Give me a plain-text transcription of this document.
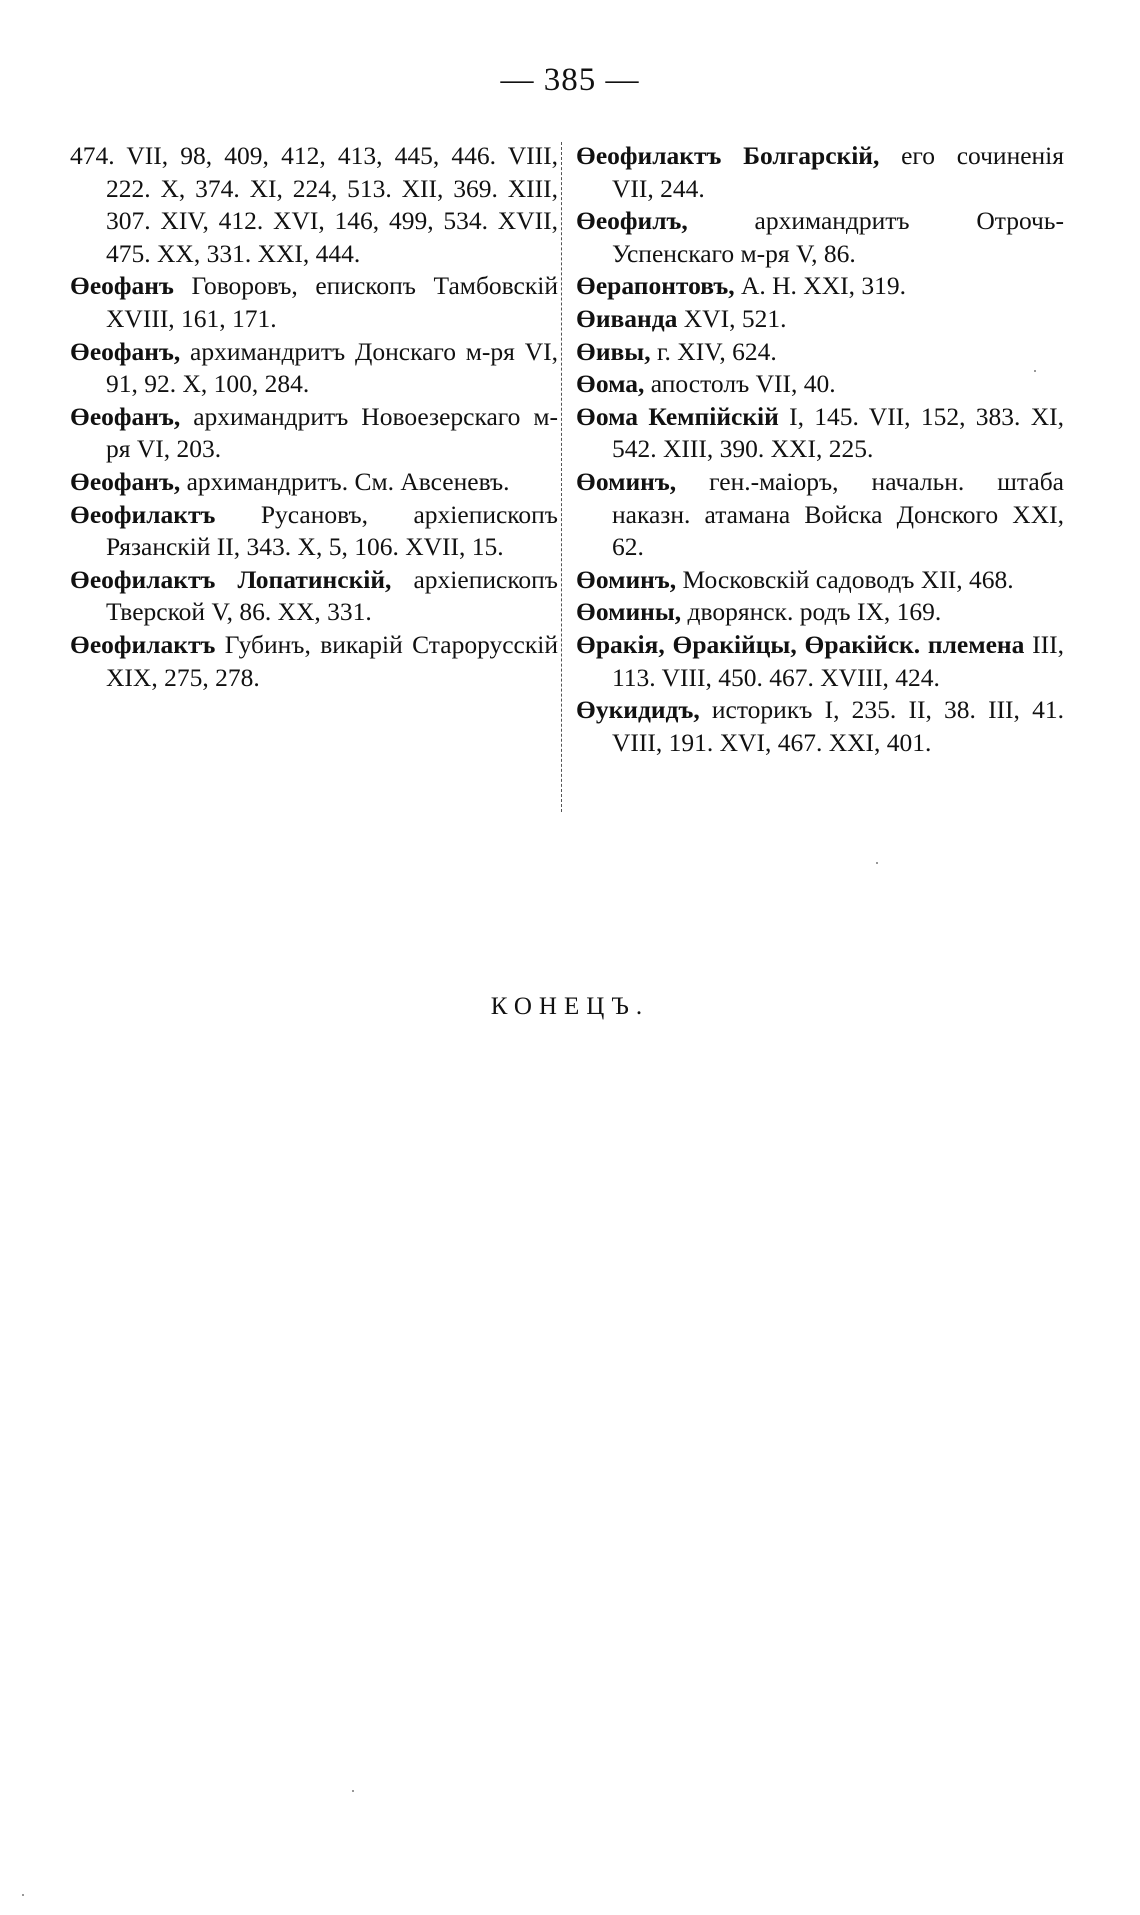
— 385 —
474. VII, 98, 409, 412, 413, 445, 446. VIII, 222. X, 374. XI, 224, 513. XII, 369. XIII, 307. XIV, 412. XVI, 146, 499, 534. XVII, 475. XX, 331. XXI, 444.
Өеофанъ Говоровъ, епископъ Тамбовскій XVIII, 161, 171.
Өеофанъ, архимандритъ Донскаго м-ря VI, 91, 92. X, 100, 284.
Өеофанъ, архимандритъ Новоезерскаго м-ря VI, 203.
Өеофанъ, архимандритъ. См. Авсеневъ.
Өеофилактъ Русановъ, архіепископъ Рязанскій II, 343. X, 5, 106. XVII, 15.
Өеофилактъ Лопатинскій, архіепископъ Тверской V, 86. XX, 331.
Өеофилактъ Губинъ, викарій Старорусскій XIX, 275, 278.
Өеофилактъ Болгарскій, его сочиненія VII, 244.
Өеофилъ, архимандритъ Отрочь-Успенскаго м-ря V, 86.
Өерапонтовъ, А. Н. XXI, 319.
Өиванда XVI, 521.
Өивы, г. XIV, 624.
Өома, апостолъ VII, 40.
Өома Кемпійскій I, 145. VII, 152, 383. XI, 542. XIII, 390. XXI, 225.
Өоминъ, ген.-маіоръ, начальн. штаба наказн. атамана Войска Донского XXI, 62.
Өоминъ, Московскій садоводъ XII, 468.
Өомины, дворянск. родъ IX, 169.
Өракія, Өракійцы, Өракійск. племена III, 113. VIII, 450. 467. XVIII, 424.
Өукидидъ, историкъ I, 235. II, 38. III, 41. VIII, 191. XVI, 467. XXI, 401.
КОНЕЦЪ.
